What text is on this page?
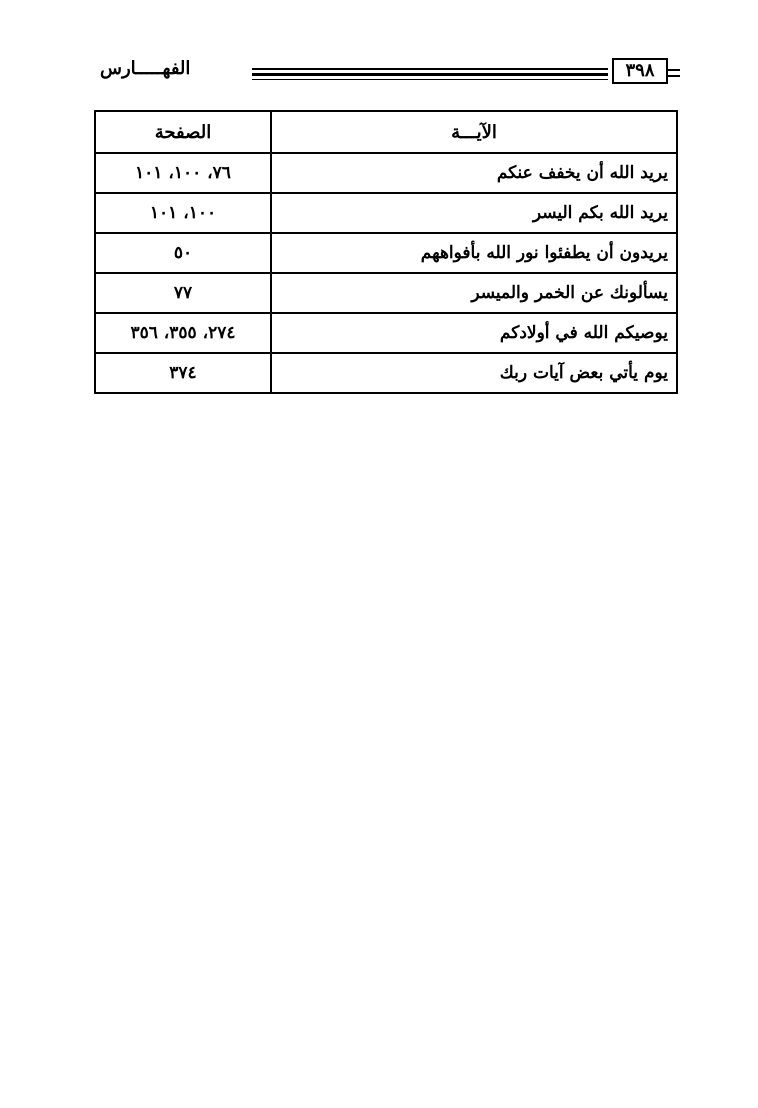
الفهـــــارس	٣٩٨
الآيـــة	الصفحة
يريد الله أن يخفف عنكم	٧٦، ١٠٠، ١٠١
يريد الله بكم اليسر	١٠٠، ١٠١
يريدون أن يطفئوا نور الله بأفواههم	٥٠
يسألونك عن الخمر والميسر	٧٧
يوصيكم الله في أولادكم	٢٧٤، ٣٥٥، ٣٥٦
يوم يأتي بعض آيات ربك	٣٧٤
